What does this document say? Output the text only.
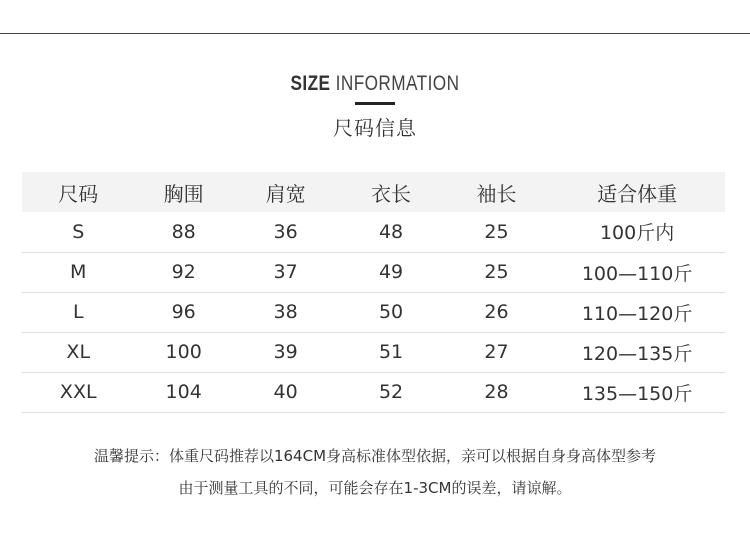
SIZE INFORMATION
尺码信息
尺码	胸围	肩宽	衣长	袖长	适合体重
S	88	36	48	25	100斤内
M	92	37	49	25	100—110斤
L	96	38	50	26	110—120斤
XL	100	39	51	27	120—135斤
XXL	104	40	52	28	135—150斤
温馨提示：体重尺码推荐以164CM身高标准体型依据，亲可以根据自身身高体型参考
由于测量工具的不同，可能会存在1-3CM的误差，请谅解。
